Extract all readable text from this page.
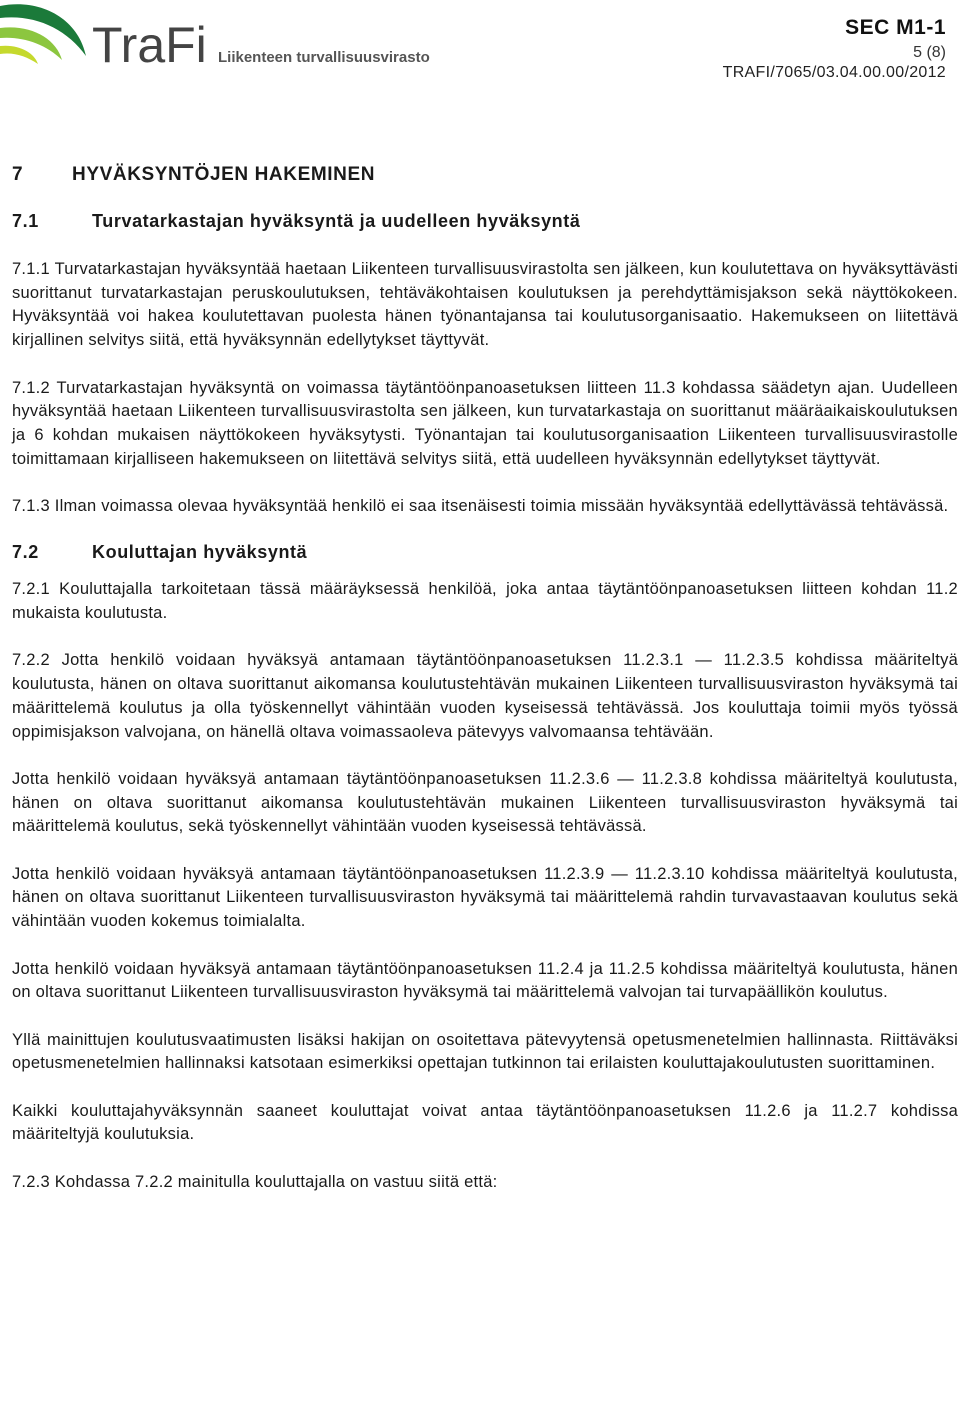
TraFi Liikenteen turvallisuusvirasto
SEC M1-1
5 (8)
TRAFI/7065/03.04.00.00/2012
7	HYVÄKSYNTÖJEN HAKEMINEN
7.1	Turvatarkastajan hyväksyntä ja uudelleen hyväksyntä

7.1.1 Turvatarkastajan hyväksyntää haetaan Liikenteen turvallisuusvirastolta sen jälkeen, kun koulutettava on hyväksyttävästi suorittanut turvatarkastajan peruskoulutuksen, tehtäväkohtaisen koulutuksen ja perehdyttämisjakson sekä näyttökokeen. Hyväksyntää voi hakea koulutettavan puolesta hänen työnantajansa tai koulutusorganisaatio. Hakemukseen on liitettävä kirjallinen selvitys siitä, että hyväksynnän edellytykset täyttyvät.

7.1.2 Turvatarkastajan hyväksyntä on voimassa täytäntöönpanoasetuksen liitteen 11.3 kohdassa säädetyn ajan. Uudelleen hyväksyntää haetaan Liikenteen turvallisuusvirastolta sen jälkeen, kun turvatarkastaja on suorittanut määräaikaiskoulutuksen ja 6 kohdan mukaisen näyttökokeen hyväksytysti. Työnantajan tai koulutusorganisaation Liikenteen turvallisuusvirastolle toimittamaan kirjalliseen hakemukseen on liitettävä selvitys siitä, että uudelleen hyväksynnän edellytykset täyttyvät.

7.1.3 Ilman voimassa olevaa hyväksyntää henkilö ei saa itsenäisesti toimia missään hyväksyntää edellyttävässä tehtävässä.

7.2	Kouluttajan hyväksyntä

7.2.1 Kouluttajalla tarkoitetaan tässä määräyksessä henkilöä, joka antaa täytäntöönpanoasetuksen liitteen kohdan 11.2 mukaista koulutusta.

7.2.2 Jotta henkilö voidaan hyväksyä antamaan täytäntöönpanoasetuksen 11.2.3.1 — 11.2.3.5 kohdissa määriteltyä koulutusta, hänen on oltava suorittanut aikomansa koulutustehtävän mukainen Liikenteen turvallisuusviraston hyväksymä tai määrittelemä koulutus ja olla työskennellyt vähintään vuoden kyseisessä tehtävässä. Jos kouluttaja toimii myös työssä oppimisjakson valvojana, on hänellä oltava voimassaoleva pätevyys valvomaansa tehtävään.

Jotta henkilö voidaan hyväksyä antamaan täytäntöönpanoasetuksen 11.2.3.6 — 11.2.3.8 kohdissa määriteltyä koulutusta, hänen on oltava suorittanut aikomansa koulutustehtävän mukainen Liikenteen turvallisuusviraston hyväksymä tai määrittelemä koulutus, sekä työskennellyt vähintään vuoden kyseisessä tehtävässä.

Jotta henkilö voidaan hyväksyä antamaan täytäntöönpanoasetuksen 11.2.3.9 — 11.2.3.10 kohdissa määriteltyä koulutusta, hänen on oltava suorittanut Liikenteen turvallisuusviraston hyväksymä tai määrittelemä rahdin turvavastaavan koulutus sekä vähintään vuoden kokemus toimialalta.

Jotta henkilö voidaan hyväksyä antamaan täytäntöönpanoasetuksen 11.2.4 ja 11.2.5 kohdissa määriteltyä koulutusta, hänen on oltava suorittanut Liikenteen turvallisuusviraston hyväksymä tai määrittelemä valvojan tai turvapäällikön koulutus.

Yllä mainittujen koulutusvaatimusten lisäksi hakijan on osoitettava pätevyytensä opetusmenetelmien hallinnasta. Riittäväksi opetusmenetelmien hallinnaksi katsotaan esimerkiksi opettajan tutkinnon tai erilaisten kouluttajakoulutusten suorittaminen.

Kaikki kouluttajahyväksynnän saaneet kouluttajat voivat antaa täytäntöönpanoasetuksen 11.2.6 ja 11.2.7 kohdissa määriteltyjä koulutuksia.

7.2.3 Kohdassa 7.2.2 mainitulla kouluttajalla on vastuu siitä että:
